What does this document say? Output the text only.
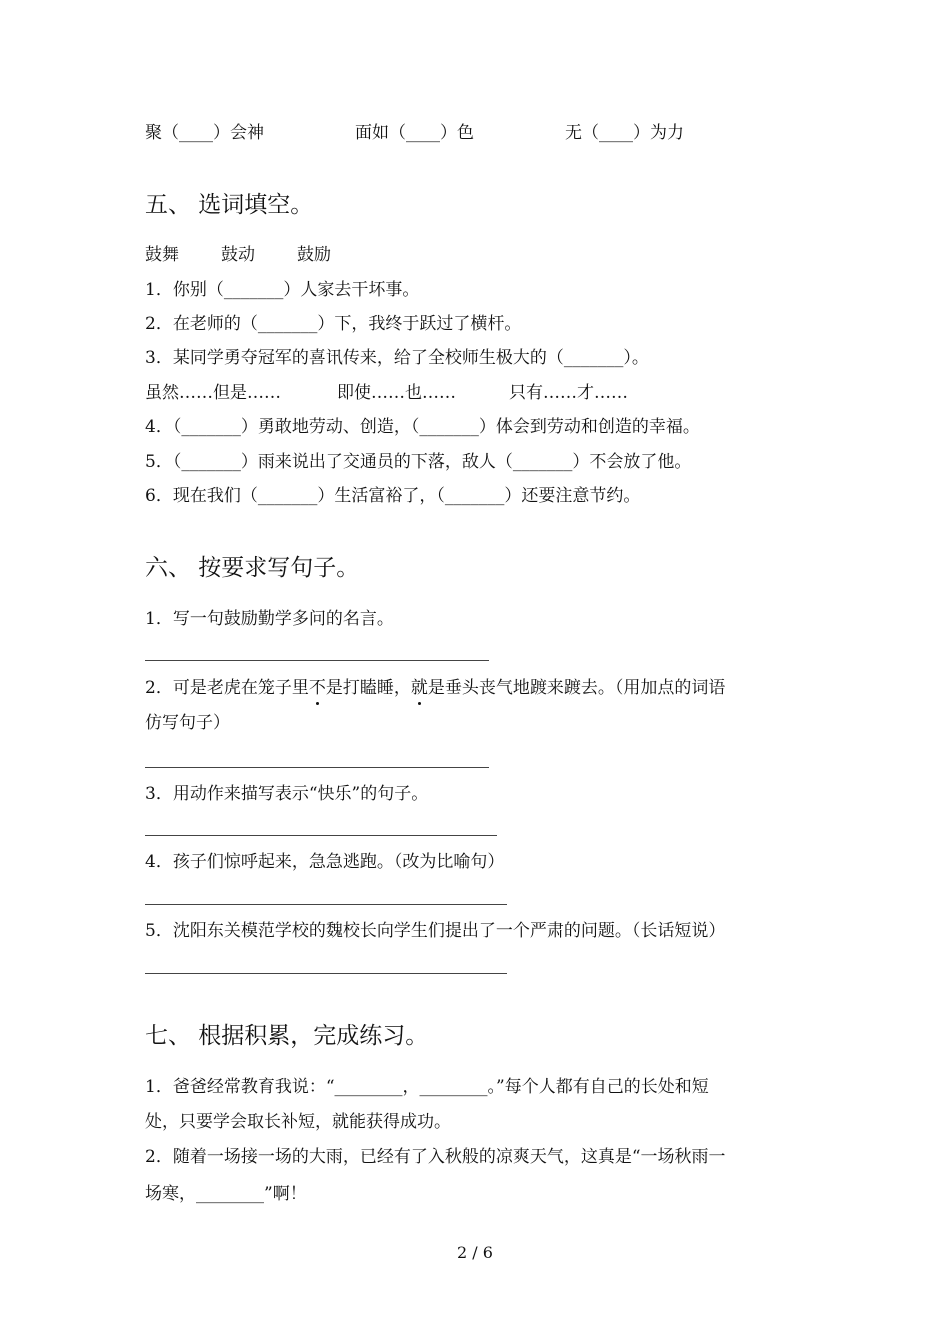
聚（____）会神	面如（____）色	无（____）为力
五、 选词填空。
鼓舞 鼓动 鼓励
1．你别（_______）人家去干坏事。
2．在老师的（_______）下，我终于跃过了横杆。
3．某同学勇夺冠军的喜讯传来，给了全校师生极大的（_______）。
虽然……但是……	即使……也……	只有……才……
4．（_______）勇敢地劳动、创造，（_______）体会到劳动和创造的幸福。
5．（_______）雨来说出了交通员的下落，敌人（_______）不会放了他。
6．现在我们（_______）生活富裕了，（_______）还要注意节约。
六、 按要求写句子。
1．写一句鼓励勤学多问的名言。
2．可是老虎在笼子里不是打瞌睡，就是垂头丧气地踱来踱去。（用加点的词语
仿写句子）
3．用动作来描写表示“快乐”的句子。
4．孩子们惊呼起来，急急逃跑。（改为比喻句）
5．沈阳东关模范学校的魏校长向学生们提出了一个严肃的问题。（长话短说）
七、 根据积累，完成练习。
1．爸爸经常教育我说：“________，________。”每个人都有自己的长处和短
处，只要学会取长补短，就能获得成功。
2．随着一场接一场的大雨，已经有了入秋般的凉爽天气，这真是“一场秋雨一
场寒，________”啊！
2 / 6
